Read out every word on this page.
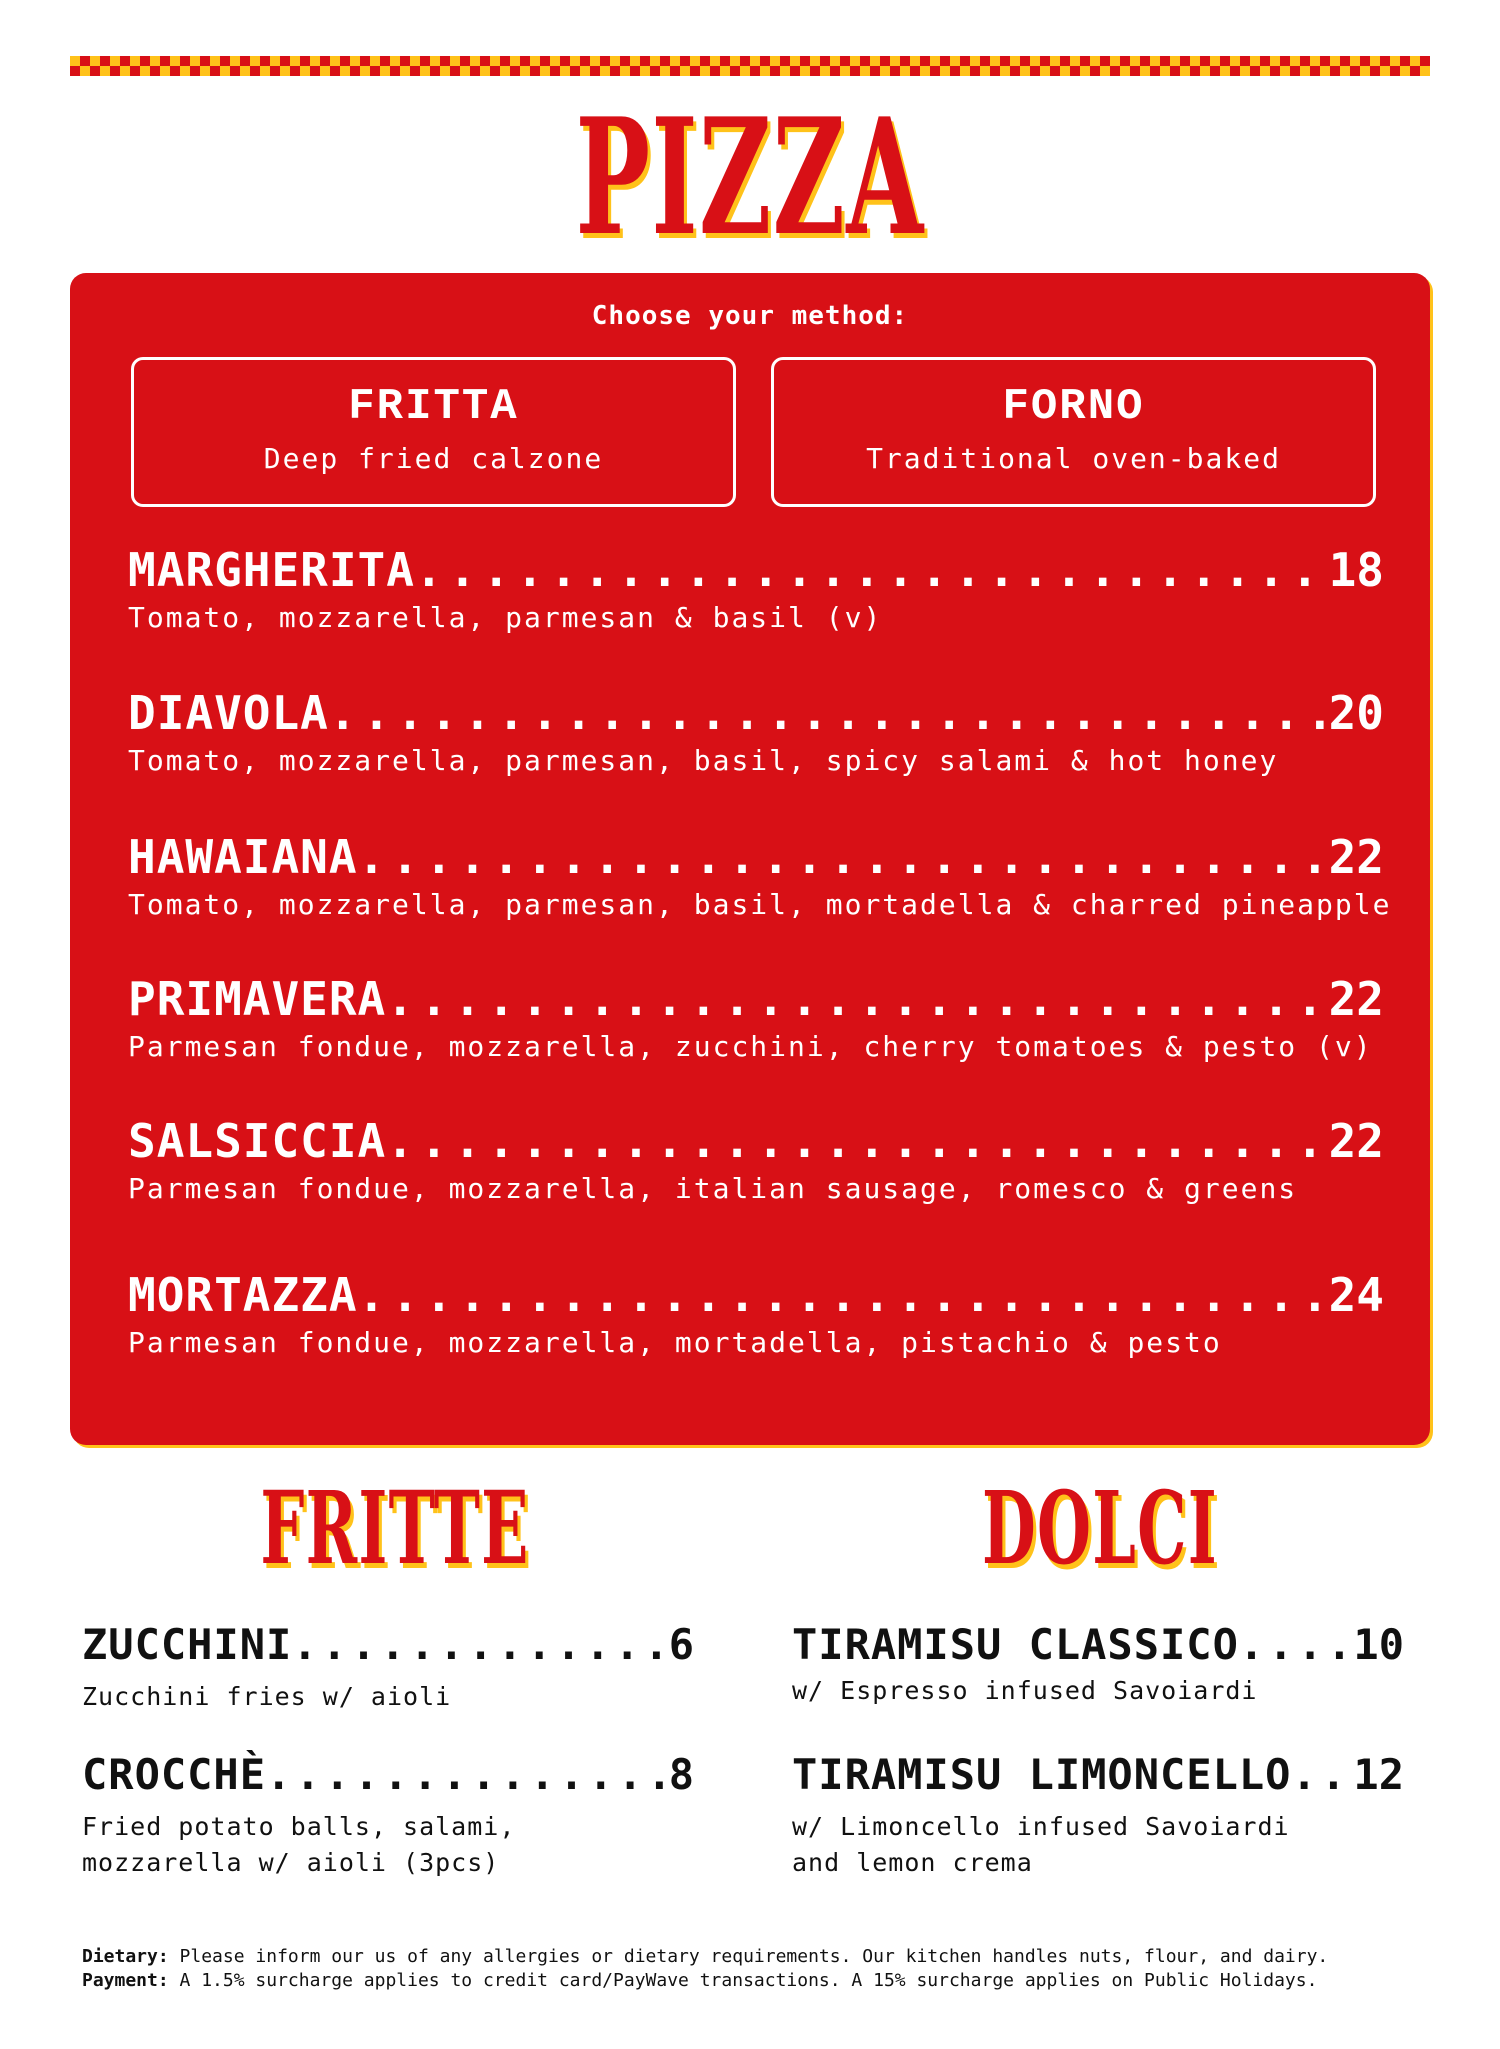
PIZZA
Choose your method:
FRITTA
Deep fried calzone
FORNO
Traditional oven-baked
MARGHERITA .....	18
Tomato, mozzarella, parmesan & basil (v)
DIAVOLA .....	20
Tomato, mozzarella, parmesan, basil, spicy salami & hot honey
HAWAIANA .....	22
Tomato, mozzarella, parmesan, basil, mortadella & charred pineapple
PRIMAVERA .....	22
Parmesan fondue, mozzarella, zucchini, cherry tomatoes & pesto (v)
SALSICCIA .....	22
Parmesan fondue, mozzarella, italian sausage, romesco & greens
MORTAZZA .....	24
Parmesan fondue, mozzarella, mortadella, pistachio & pesto
FRITTE	DOLCI
ZUCCHINI .....	6
Zucchini fries w/ aioli
CROCCHÈ .....	8
Fried potato balls, salami, mozzarella w/ aioli (3pcs)
TIRAMISU CLASSICO .....	10
w/ Espresso infused Savoiardi
TIRAMISU LIMONCELLO ..... 12
w/ Limoncello infused Savoiardi and lemon crema
Dietary: Please inform our us of any allergies or dietary requirements. Our kitchen handles nuts, flour, and dairy.
Payment: A 1.5% surcharge applies to credit card/PayWave transactions. A 15% surcharge applies on Public Holidays.
